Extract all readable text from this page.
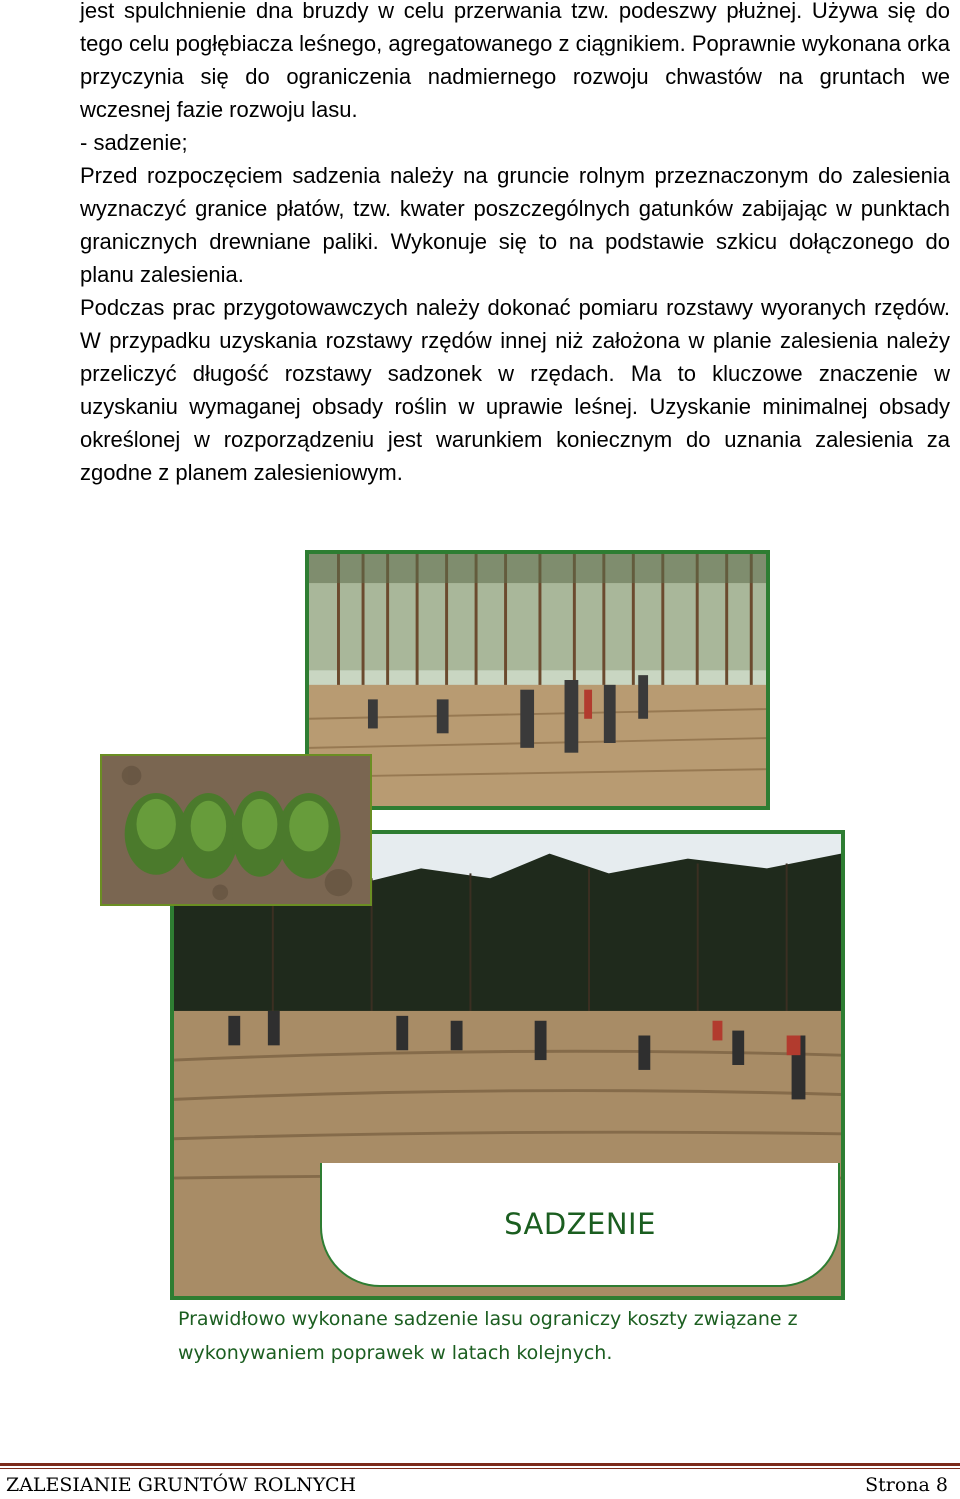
jest spulchnienie dna bruzdy w celu przerwania tzw. podeszwy płużnej. Używa się do tego celu pogłębiacza leśnego, agregatowanego z ciągnikiem. Poprawnie wykonana orka przyczynia się do ograniczenia nadmiernego rozwoju chwastów na gruntach we wczesnej fazie rozwoju lasu.

- sadzenie;

Przed rozpoczęciem sadzenia należy na gruncie rolnym przeznaczonym do zalesienia wyznaczyć granice płatów, tzw. kwater poszczególnych gatunków zabijając w punktach granicznych drewniane paliki. Wykonuje się to na podstawie szkicu dołączonego do planu zalesienia.

Podczas prac przygotowawczych należy dokonać pomiaru rozstawy wyoranych rzędów. W przypadku uzyskania rozstawy rzędów innej niż założona w planie zalesienia należy przeliczyć długość rozstawy sadzonek w rzędach. Ma to kluczowe znaczenie w uzyskaniu wymaganej obsady roślin w uprawie leśnej. Uzyskanie minimalnej obsady określonej w rozporządzeniu jest warunkiem koniecznym do uznania zalesienia za zgodne z planem zalesieniowym.

SADZENIE
Prawidłowo wykonane sadzenie lasu ogranicz​y koszty związane z wykonywaniem poprawek w latach kolejnych.
ZALESIANIE GRUNTÓW ROLNYCH	Strona 8
